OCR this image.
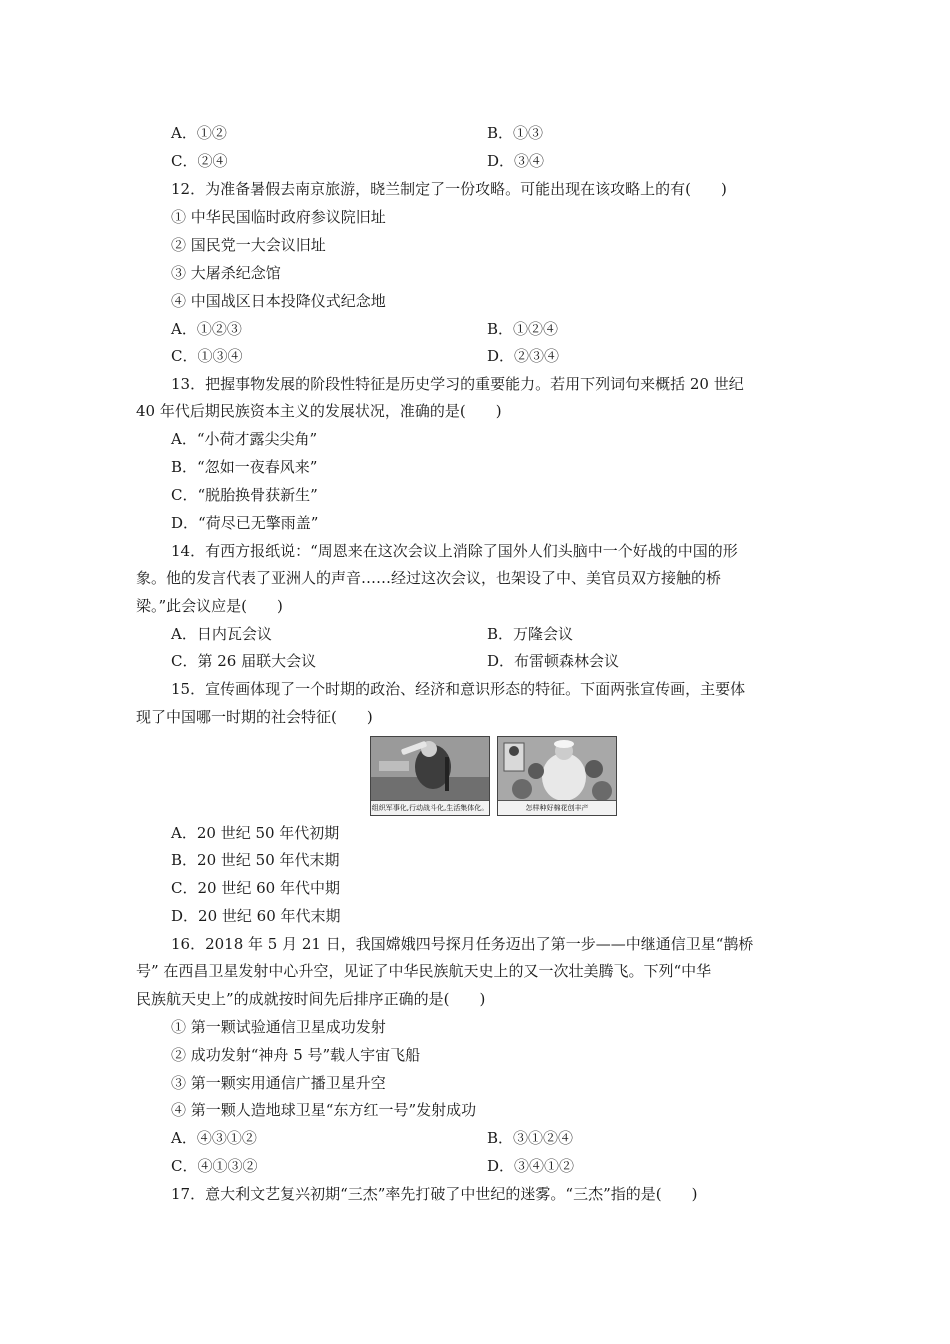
A．①②	B．①③
C．②④	D．③④
12．为准备暑假去南京旅游，晓兰制定了一份攻略。可能出现在该攻略上的有(　　)
① 中华民国临时政府参议院旧址
② 国民党一大会议旧址
③ 大屠杀纪念馆
④ 中国战区日本投降仪式纪念地
A．①②③	B．①②④
C．①③④	D．②③④
13．把握事物发展的阶段性特征是历史学习的重要能力。若用下列词句来概括 20 世纪
40 年代后期民族资本主义的发展状况，准确的是(　　)
A．“小荷才露尖尖角”
B．“忽如一夜春风来”
C．“脱胎换骨获新生”
D．“荷尽已无擎雨盖”
14．有西方报纸说：“周恩来在这次会议上消除了国外人们头脑中一个好战的中国的形
象。他的发言代表了亚洲人的声音……经过这次会议，也架设了中、美官员双方接触的桥
梁。”此会议应是(　　)
A．日内瓦会议	B．万隆会议
C．第 26 届联大会议	D．布雷顿森林会议
15．宣传画体现了一个时期的政治、经济和意识形态的特征。下面两张宣传画，主要体
现了中国哪一时期的社会特征(　　)
组织军事化,行动战斗化,生活集体化。	怎样种好棉花创丰产
A．20 世纪 50 年代初期
B．20 世纪 50 年代末期
C．20 世纪 60 年代中期
D．20 世纪 60 年代末期
16．2018 年 5 月 21 日，我国嫦娥四号探月任务迈出了第一步——中继通信卫星“鹊桥
号” 在西昌卫星发射中心升空，见证了中华民族航天史上的又一次壮美腾飞。下列“中华
民族航天史上”的成就按时间先后排序正确的是(　　)
① 第一颗试验通信卫星成功发射
② 成功发射“神舟 5 号”载人宇宙飞船
③ 第一颗实用通信广播卫星升空
④ 第一颗人造地球卫星“东方红一号”发射成功
A．④③①②	B．③①②④
C．④①③②	D．③④①②
17．意大利文艺复兴初期“三杰”率先打破了中世纪的迷雾。“三杰”指的是(　　)
